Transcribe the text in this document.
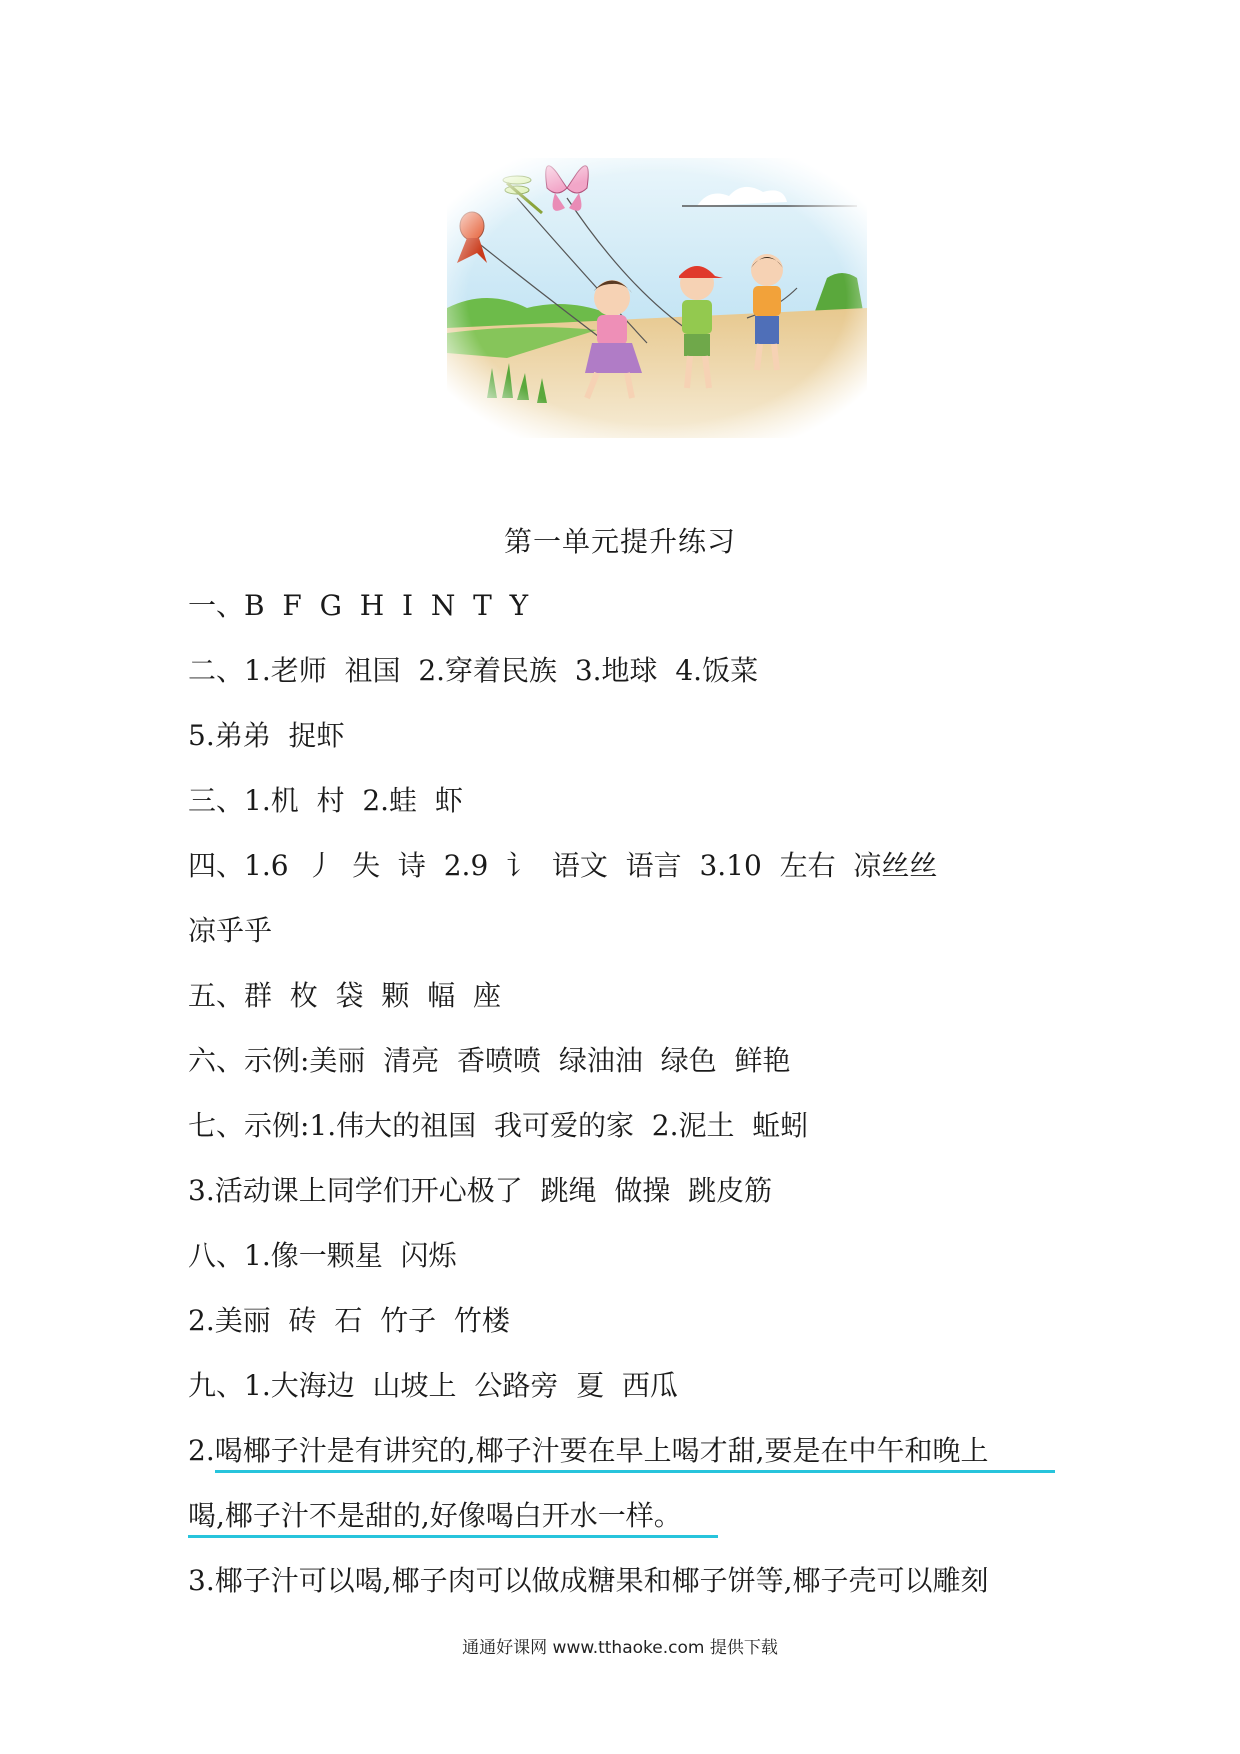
第一单元提升练习
一、B  F  G  H  I  N  T  Y
二、1.老师  祖国  2.穿着民族  3.地球  4.饭菜
5.弟弟  捉虾
三、1.机  村  2.蛙  虾
四、1.6  丿  失  诗  2.9  讠  语文  语言  3.10  左右  凉丝丝
凉乎乎
五、群  枚  袋  颗  幅  座
六、示例:美丽  清亮  香喷喷  绿油油  绿色  鲜艳
七、示例:1.伟大的祖国  我可爱的家  2.泥土  蚯蚓
3.活动课上同学们开心极了  跳绳  做操  跳皮筋
八、1.像一颗星  闪烁
2.美丽  砖  石  竹子  竹楼
九、1.大海边  山坡上  公路旁  夏  西瓜
2.喝椰子汁是有讲究的,椰子汁要在早上喝才甜,要是在中午和晚上
喝,椰子汁不是甜的,好像喝白开水一样。
3.椰子汁可以喝,椰子肉可以做成糖果和椰子饼等,椰子壳可以雕刻
通通好课网 www.tthaoke.com 提供下载
